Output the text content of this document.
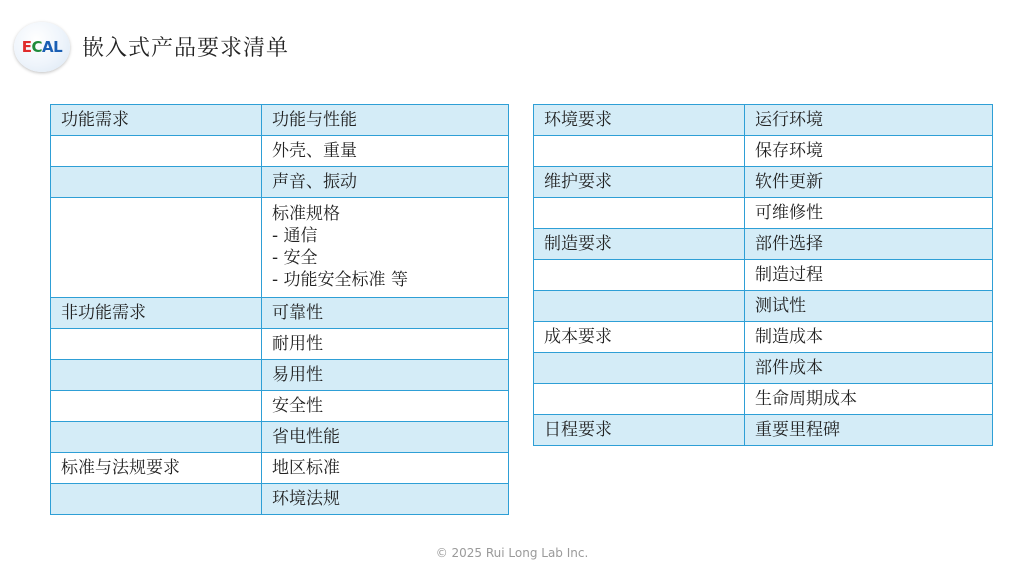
ECAL 嵌入式产品要求清单
功能需求	功能与性能

	外壳、重量

	声音、振动

	标准规格
- 通信
- 安全
- 功能安全标准 等

非功能需求	可靠性

	耐用性

	易用性

	安全性

	省电性能

标准与法规要求	地区标准

	环境法规
环境要求	运行环境

	保存环境

维护要求	软件更新

	可维修性

制造要求	部件选择

	制造过程

	测试性

成本要求	制造成本

	部件成本

	生命周期成本

日程要求	重要里程碑
© 2025 Rui Long Lab Inc.
